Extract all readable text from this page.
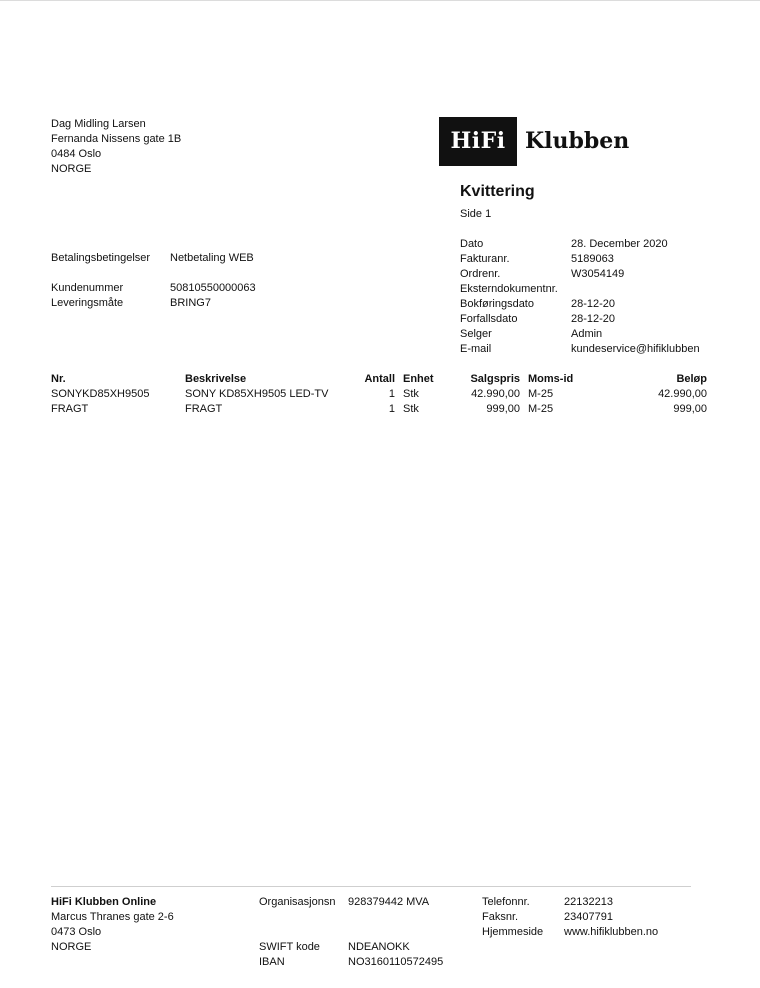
Dag Midling Larsen
Fernanda Nissens gate 1B
0484 Oslo
NORGE
HiFi Klubben
Kvittering
Side 1
Betalingsbetingelser Netbetaling WEB
Kundenummer	50810550000063
Leveringsmåte	BRING7
Dato	28. December 2020
Fakturanr.	5189063
Ordrenr.	W3054149
Eksterndokumentnr.
Bokføringsdato	28-12-20
Forfallsdato	28-12-20
Selger	Admin
E-mail	kundeservice@hifiklubben
Nr.	Beskrivelse	Antall	Enhet	Salgspris	Moms-id	Beløp
SONYKD85XH9505	SONY KD85XH9505 LED-TV	1	Stk	42.990,00	M-25	42.990,00
FRAGT	FRAGT	1	Stk	999,00	M-25	999,00
HiFi Klubben Online
Marcus Thranes gate 2-6
0473 Oslo
NORGE
Organisasjonsn 928379442 MVA
SWIFT kode	NDEANOKK
IBAN	NO3160110572495
Telefonnr.	22132213
Faksnr.	23407791
Hjemmeside www.hifiklubben.no
